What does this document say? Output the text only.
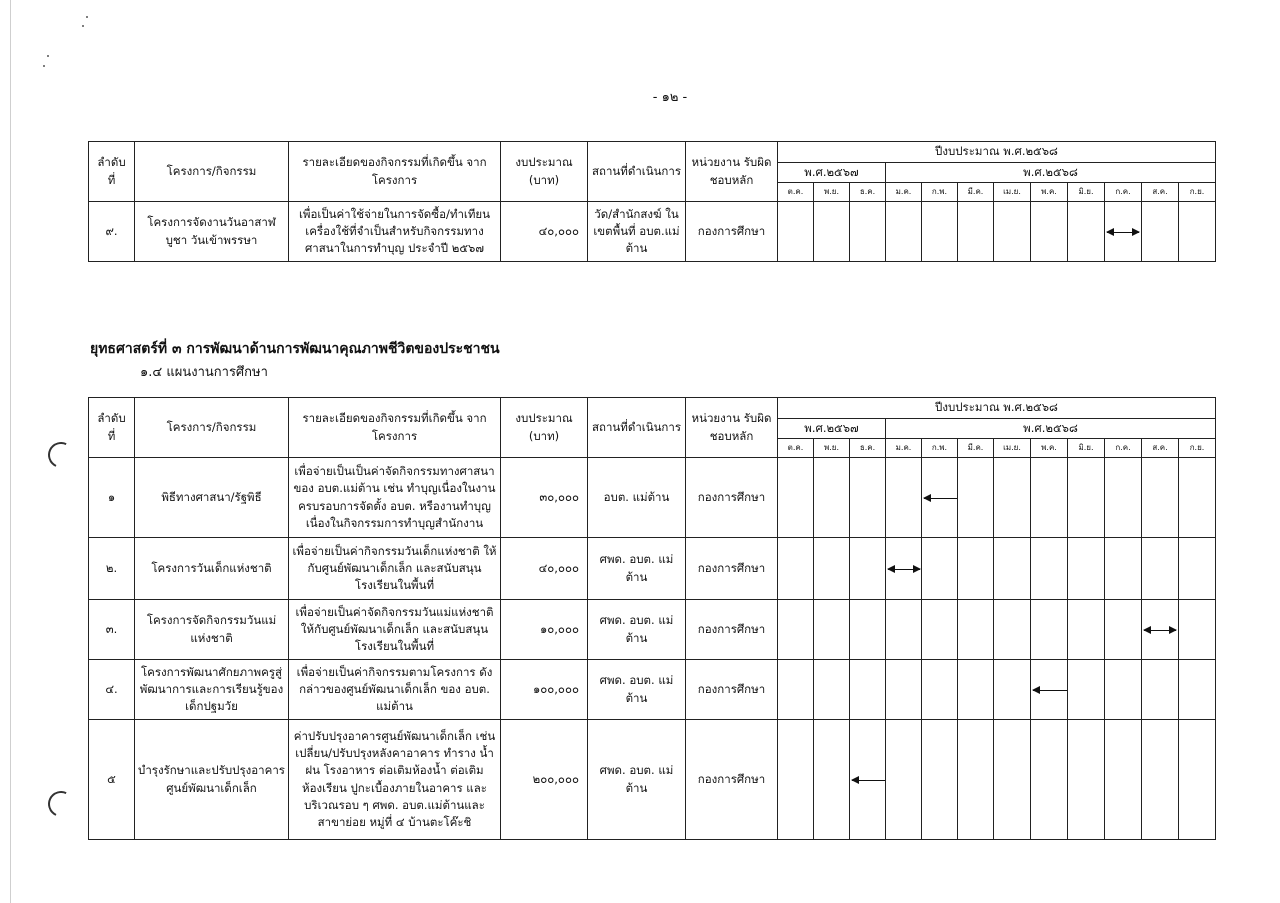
- ๑๒ -
ลำดับ ที่	โครงการ/กิจกรรม	รายละเอียดของกิจกรรมที่เกิดขึ้น จากโครงการ	งบประมาณ (บาท)	สถานที่ดำเนินการ	หน่วยงาน รับผิดชอบหลัก	ปีงบประมาณ พ.ศ.๒๕๖๘											
						พ.ศ.๒๕๖๗			พ.ศ.๒๕๖๘								
						ต.ค.	พ.ย.	ธ.ค.	ม.ค.	ก.พ.	มี.ค.	เม.ย.	พ.ค.	มิ.ย.	ก.ค.	ส.ค.	ก.ย.
๙.	โครงการจัดงานวันอาสาฬบูชา วันเข้าพรรษา	เพื่อเป็นค่าใช้จ่ายในการจัดซื้อ/ทำเทียน เครื่องใช้ที่จำเป็นสำหรับกิจกรรมทาง ศาสนาในการทำบุญ ประจำปี ๒๕๖๗	๔๐,๐๐๐	วัด/สำนักสงฆ์ ในเขตพื้นที่ อบต.แม่ต้าน	กองการศึกษา										

ยุทธศาสตร์ที่ ๓ การพัฒนาด้านการพัฒนาคุณภาพชีวิตของประชาชน
๑.๔ แผนงานการศึกษา
ลำดับ ที่	โครงการ/กิจกรรม	รายละเอียดของกิจกรรมที่เกิดขึ้น จากโครงการ	งบประมาณ (บาท)	สถานที่ดำเนินการ	หน่วยงาน รับผิดชอบหลัก	ปีงบประมาณ พ.ศ.๒๕๖๘											
						พ.ศ.๒๕๖๗			พ.ศ.๒๕๖๘								
						ต.ค.	พ.ย.	ธ.ค.	ม.ค.	ก.พ.	มี.ค.	เม.ย.	พ.ค.	มิ.ย.	ก.ค.	ส.ค.	ก.ย.
๑	พิธีทางศาสนา/รัฐพิธี	เพื่อจ่ายเป็นเป็นค่าจัดกิจกรรมทางศาสนา ของ อบต.แม่ต้าน เช่น ทำบุญเนื่องในงาน ครบรอบการจัดตั้ง อบต. หรืองานทำบุญ เนื่องในกิจกรรมการทำบุญสำนักงาน	๓๐,๐๐๐	อบต. แม่ต้าน	กองการศึกษา					

๒.	โครงการวันเด็กแห่งชาติ	เพื่อจ่ายเป็นค่ากิจกรรมวันเด็กแห่งชาติ ให้กับศูนย์พัฒนาเด็กเล็ก และสนับสนุน โรงเรียนในพื้นที่	๔๐,๐๐๐	ศพด. อบต. แม่ต้าน	กองการศึกษา				

๓.	โครงการจัดกิจกรรมวันแม่ แห่งชาติ	เพื่อจ่ายเป็นค่าจัดกิจกรรมวันแม่แห่งชาติ ให้กับศูนย์พัฒนาเด็กเล็ก และสนับสนุน โรงเรียนในพื้นที่	๑๐,๐๐๐	ศพด. อบต. แม่ต้าน	กองการศึกษา											

๔.	โครงการพัฒนาศักยภาพครูสู่ พัฒนาการและการเรียนรู้ของ เด็กปฐมวัย	เพื่อจ่ายเป็นค่ากิจกรรมตามโครงการ ดังกล่าวของศูนย์พัฒนาเด็กเล็ก ของ อบต. แม่ต้าน	๑๐๐,๐๐๐	ศพด. อบต. แม่ต้าน	กองการศึกษา								

๕	บำรุงรักษาและปรับปรุงอาคาร ศูนย์พัฒนาเด็กเล็ก	ค่าปรับปรุงอาคารศูนย์พัฒนาเด็กเล็ก เช่น เปลี่ยน/ปรับปรุงหลังคาอาคาร ทำราง น้ำฝน โรงอาหาร ต่อเติมห้องน้ำ ต่อเติม ห้องเรียน ปูกะเบื้องภายในอาคาร และ บริเวณรอบ ๆ ศพด. อบต.แม่ต้านและ สาขาย่อย หมู่ที่ ๔ บ้านตะโค๊ะชิ	๒๐๐,๐๐๐	ศพด. อบต. แม่ต้าน	กองการศึกษา			
